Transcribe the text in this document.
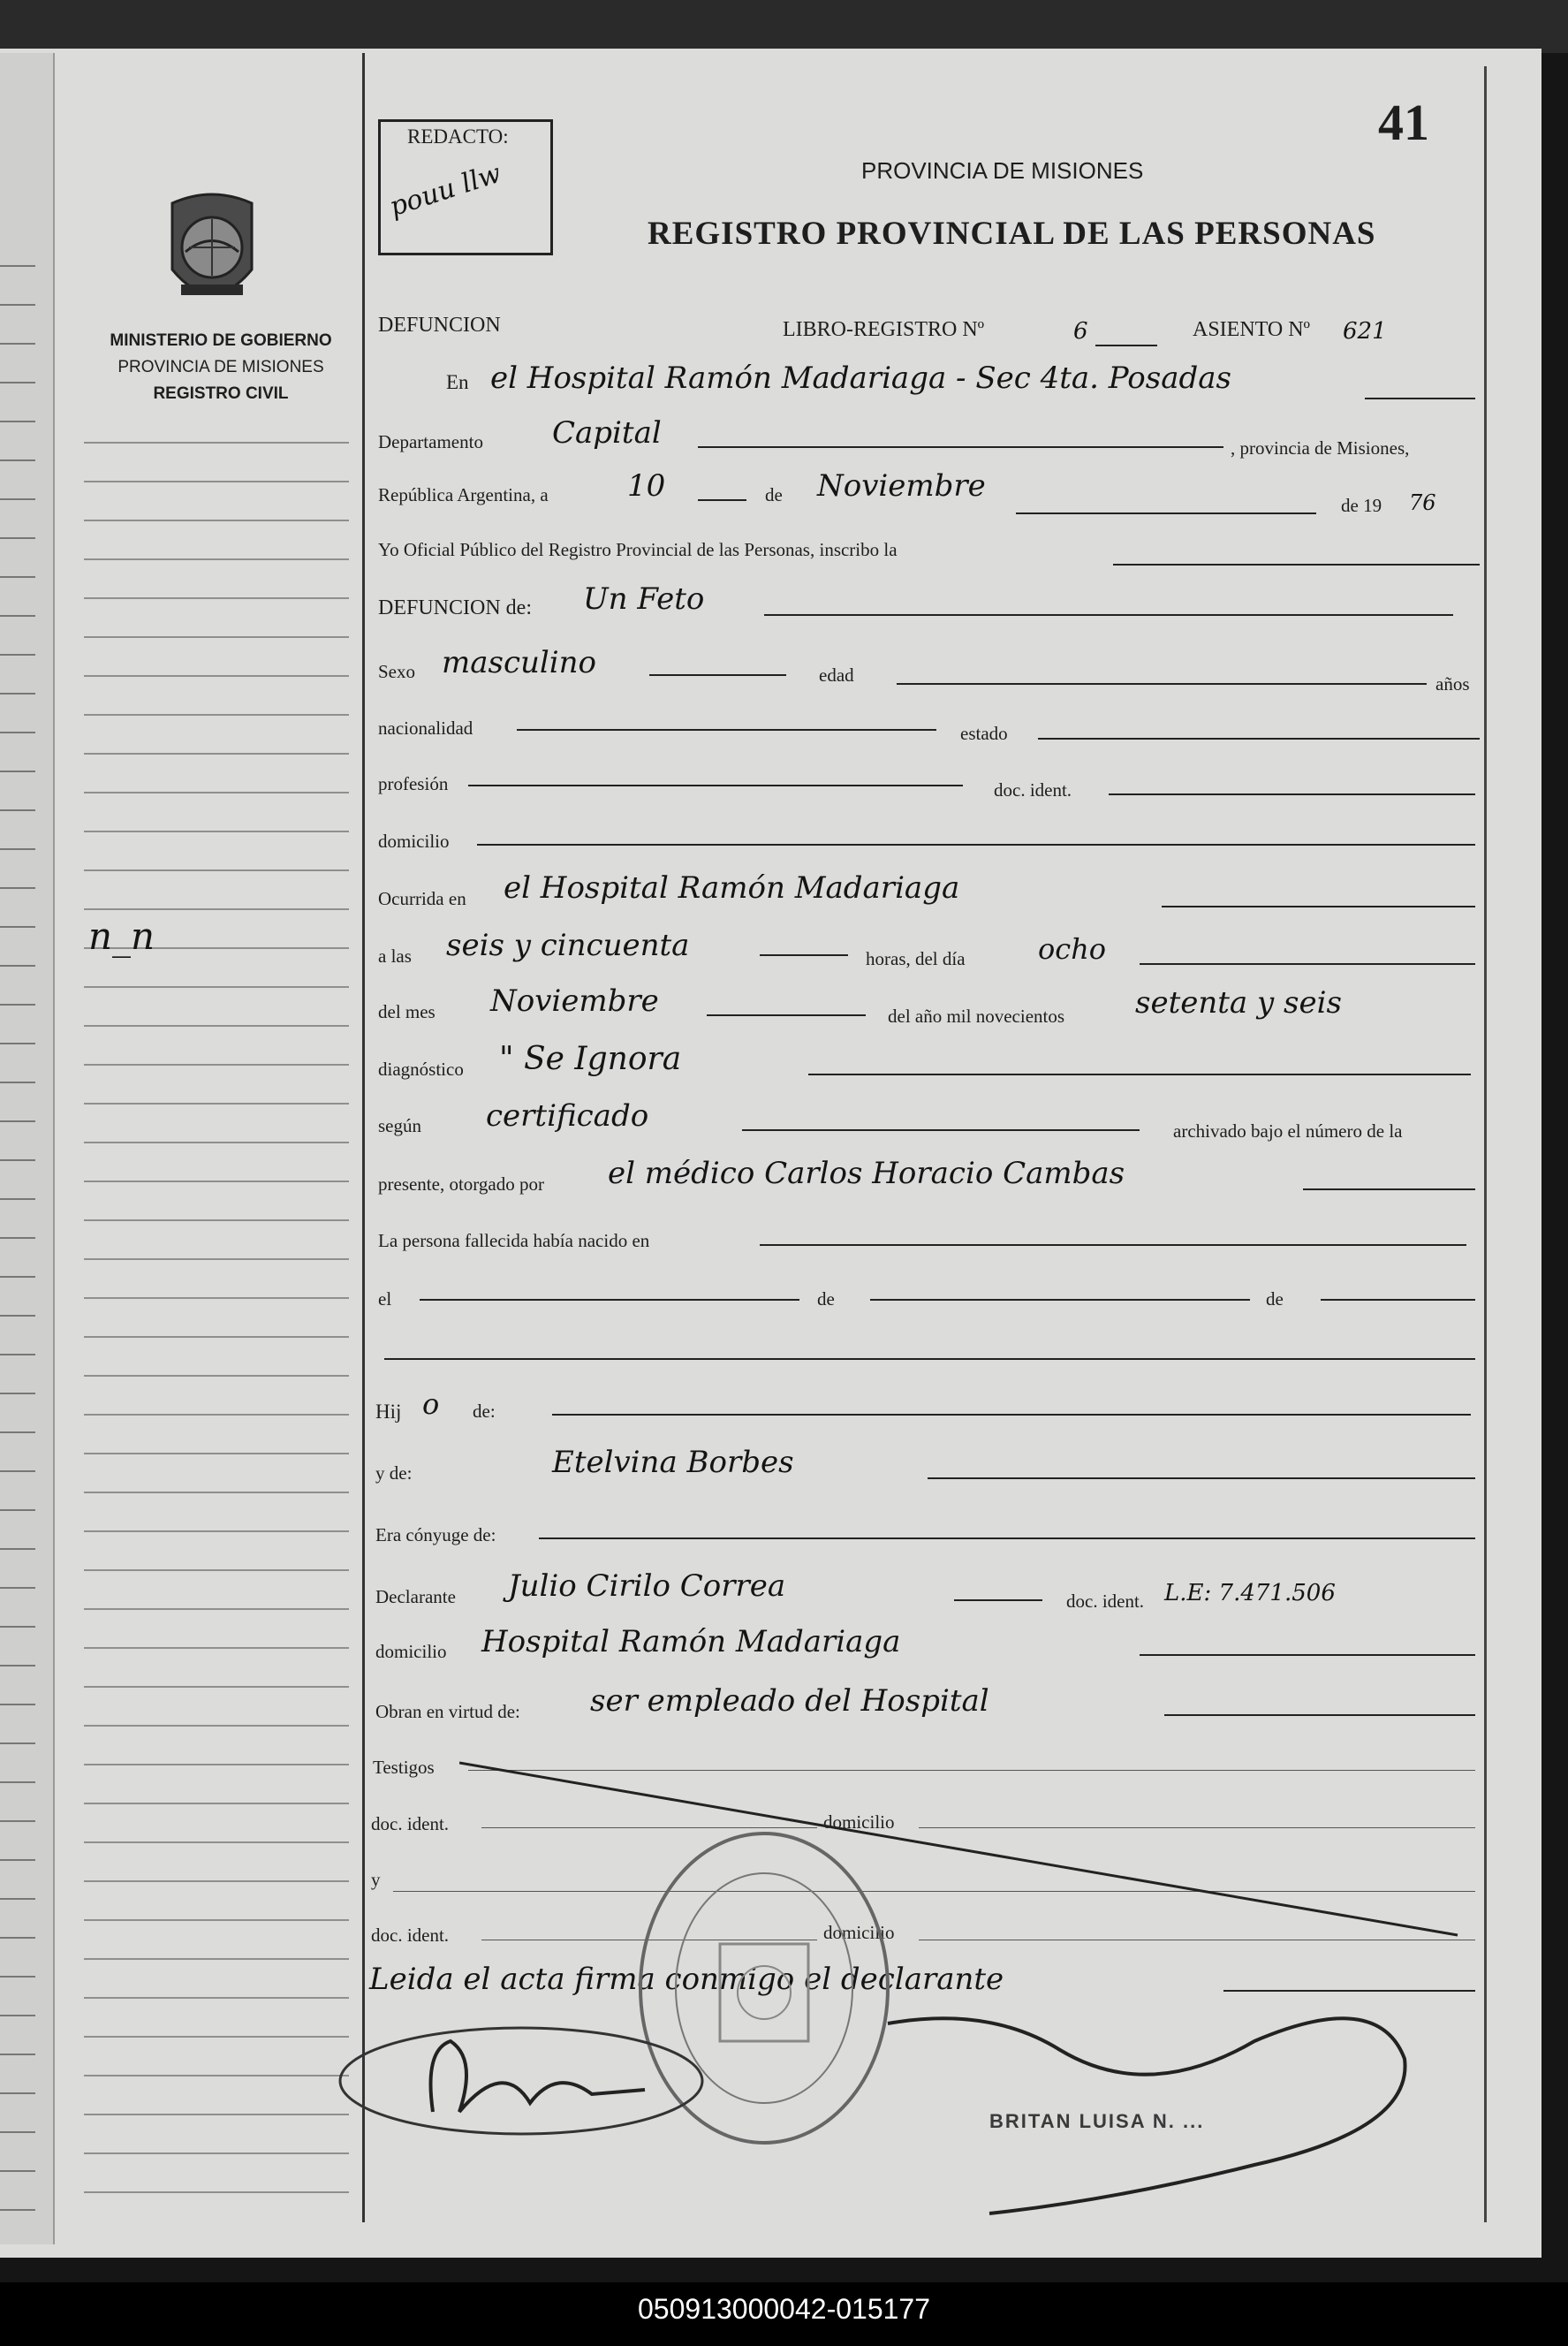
41
REDACTO:
pouu llw
MINISTERIO DE GOBIERNO
PROVINCIA DE MISIONES
REGISTRO CIVIL
PROVINCIA DE MISIONES
REGISTRO PROVINCIAL DE LAS PERSONAS
n_n
DEFUNCION	LIBRO-REGISTRO Nº	6	ASIENTO Nº 621
En el Hospital Ramón Madariaga - Sec 4ta. Posadas
Departamento Capital	, provincia de Misiones,
República Argentina, a	10	de Noviembre
de 19 76
Yo Oficial Público del Registro Provincial de las Personas, inscribo la
DEFUNCION de: Un Feto
Sexo masculino	edad	años
nacionalidad	estado
profesión	doc. ident.
domicilio
Ocurrida en el Hospital Ramón Madariaga
a las seis y cincuenta	horas, del día	ocho
del mes Noviembre	del año mil novecientos setenta y seis
diagnóstico " Se Ignora
según certificado	archivado bajo el número de la
presente, otorgado por el médico Carlos Horacio Cambas
La persona fallecida había nacido en
el	de	de
Hij o de:
y de:	Etelvina Borbes
Era cónyuge de:
Declarante Julio Cirilo Correa	doc. ident. L.E: 7.471.506
domicilio Hospital Ramón Madariaga
Obran en virtud de: ser empleado del Hospital
Testigos
doc. ident.	domicilio
y
doc. ident.	domicilio
Leida el acta firma conmigo el declarante
BRITAN LUISA N. ...
050913000042-015177
